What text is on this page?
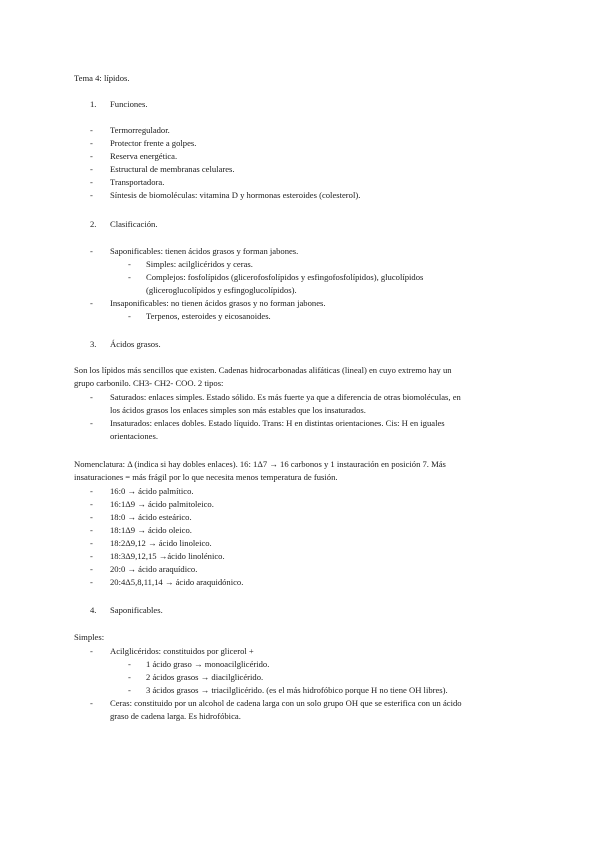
Tema 4: lípidos.
1. Funciones.
- Termorregulador.
- Protector frente a golpes.
- Reserva energética.
- Estructural de membranas celulares.
- Transportadora.
- Síntesis de biomoléculas: vitamina D y hormonas esteroides (colesterol).
2. Clasificación.
- Saponificables: tienen ácidos grasos y forman jabones.
- Simples: acilglicéridos y ceras.
- Complejos: fosfolípidos (glicerofosfolípidos y esfingofosfolípidos), glucolípidos
(gliceroglucolípidos y esfingoglucolípidos).
- Insaponificables: no tienen ácidos grasos y no forman jabones.
- Terpenos, esteroides y eicosanoides.
3. Ácidos grasos.
Son los lípidos más sencillos que existen. Cadenas hidrocarbonadas alifáticas (lineal) en cuyo extremo hay un
grupo carbonilo. CH3- CH2- COO. 2 tipos:
- Saturados: enlaces simples. Estado sólido. Es más fuerte ya que a diferencia de otras biomoléculas, en
los ácidos grasos los enlaces simples son más estables que los insaturados.
- Insaturados: enlaces dobles. Estado líquido. Trans: H en distintas orientaciones. Cis: H en iguales
orientaciones.
Nomenclatura: Δ (indica si hay dobles enlaces). 16: 1Δ7 → 16 carbonos y 1 instauración en posición 7. Más
insaturaciones = más frágil por lo que necesita menos temperatura de fusión.
- 16:0 → ácido palmítico.
- 16:1Δ9 → ácido palmitoleico.
- 18:0 → ácido esteárico.
- 18:1Δ9 → ácido oleico.
- 18:2Δ9,12 → ácido linoleico.
- 18:3Δ9,12,15 →ácido linolénico.
- 20:0 → ácido araquídico.
- 20:4Δ5,8,11,14 → ácido araquidónico.
4. Saponificables.
Simples:
- Acilglicéridos: constituidos por glicerol +
- 1 ácido graso → monoacilglicérido.
- 2 ácidos grasos → diacilglicérido.
- 3 ácidos grasos → triacilglicérido. (es el más hidrofóbico porque H no tiene OH libres).
- Ceras: constituido por un alcohol de cadena larga con un solo grupo OH que se esterifica con un ácido
graso de cadena larga. Es hidrofóbica.
